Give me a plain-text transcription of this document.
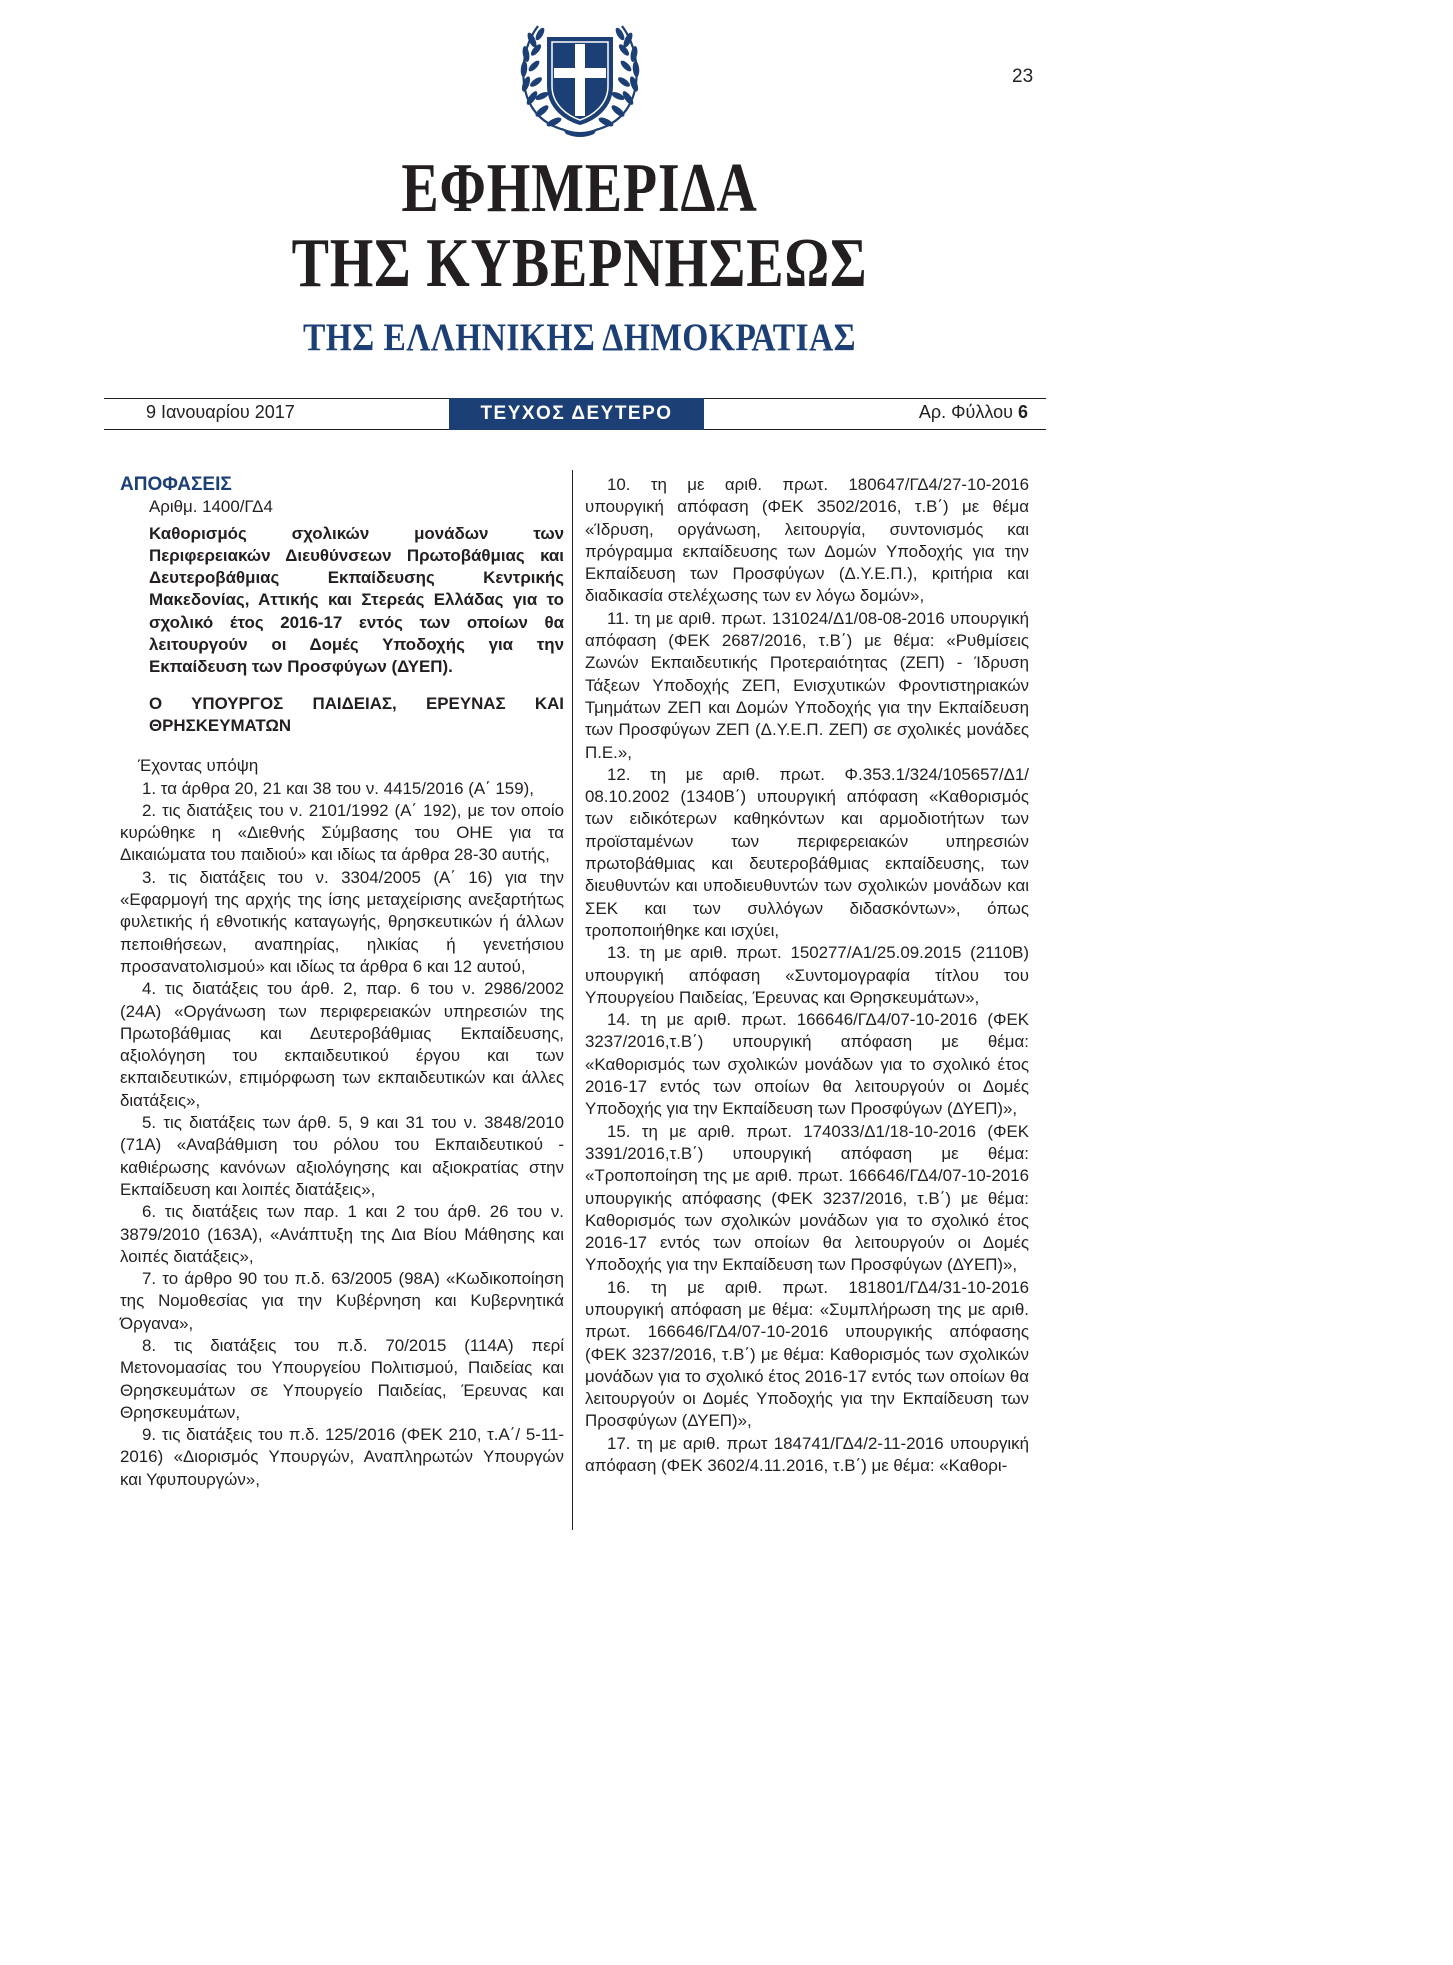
23
ΕΦΗΜΕΡΙΔΑ
ΤΗΣ ΚΥΒΕΡΝΗΣΕΩΣ
ΤΗΣ ΕΛΛΗΝΙΚΗΣ ΔΗΜΟΚΡΑΤΙΑΣ
9 Ιανουαρίου 2017	ΤΕΥΧΟΣ ΔΕΥΤΕΡΟ	Αρ. Φύλλου 6

ΑΠΟΦΑΣΕΙΣ

Αριθμ. 1400/ΓΔ4

Καθορισμός σχολικών μονάδων των Περιφερειακών Διευθύνσεων Πρωτοβάθμιας και Δευτεροβάθμιας Εκπαίδευσης Κεντρικής Μακεδονίας, Αττικής και Στερεάς Ελλάδας για το σχολικό έτος 2016-17 εντός των οποίων θα λειτουργούν οι Δομές Υποδοχής για την Εκπαίδευση των Προσφύγων (ΔΥΕΠ).

Ο ΥΠΟΥΡΓΟΣ ΠΑΙΔΕΙΑΣ, ΕΡΕΥΝΑΣ ΚΑΙ ΘΡΗΣΚΕΥΜΑΤΩΝ

Έχοντας υπόψη

1. τα άρθρα 20, 21 και 38 του ν. 4415/2016 (Α΄ 159),

2. τις διατάξεις του ν. 2101/1992 (Α΄ 192), με τον οποίο κυρώθηκε η «Διεθνής Σύμβασης του ΟΗΕ για τα Δικαιώματα του παιδιού» και ιδίως τα άρθρα 28-30 αυτής,

3. τις διατάξεις του ν. 3304/2005 (Α΄ 16) για την «Εφαρμογή της αρχής της ίσης μεταχείρισης ανεξαρτήτως φυλετικής ή εθνοτικής καταγωγής, θρησκευτικών ή άλλων πεποιθήσεων, αναπηρίας, ηλικίας ή γενετήσιου προσανατολισμού» και ιδίως τα άρθρα 6 και 12 αυτού,

4. τις διατάξεις του άρθ. 2, παρ. 6 του ν. 2986/2002 (24Α) «Οργάνωση των περιφερειακών υπηρεσιών της Πρωτοβάθμιας και Δευτεροβάθμιας Εκπαίδευσης, αξιολόγηση του εκπαιδευτικού έργου και των εκπαιδευτικών, επιμόρφωση των εκπαιδευτικών και άλλες διατάξεις»,

5. τις διατάξεις των άρθ. 5, 9 και 31 του ν. 3848/2010 (71Α) «Αναβάθμιση του ρόλου του Εκπαιδευτικού - καθιέρωσης κανόνων αξιολόγησης και αξιοκρατίας στην Εκπαίδευση και λοιπές διατάξεις»,

6. τις διατάξεις των παρ. 1 και 2 του άρθ. 26 του ν. 3879/2010 (163Α), «Ανάπτυξη της Δια Βίου Μάθησης και λοιπές διατάξεις»,

7. το άρθρο 90 του π.δ. 63/2005 (98Α) «Κωδικοποίηση της Νομοθεσίας για την Κυβέρνηση και Κυβερνητικά Όργανα»,

8. τις διατάξεις του π.δ. 70/2015 (114Α) περί Μετονομασίας του Υπουργείου Πολιτισμού, Παιδείας και Θρησκευμάτων σε Υπουργείο Παιδείας, Έρευνας και Θρησκευμάτων,

9. τις διατάξεις του π.δ. 125/2016 (ΦΕΚ 210, τ.Α΄/ 5-11-2016) «Διορισμός Υπουργών, Αναπληρωτών Υπουργών και Υφυπουργών»,

10. τη με αριθ. πρωτ. 180647/ΓΔ4/27-10-2016 υπουργική απόφαση (ΦΕΚ 3502/2016, τ.Β΄) με θέμα «Ίδρυση, οργάνωση, λειτουργία, συντονισμός και πρόγραμμα εκπαίδευσης των Δομών Υποδοχής για την Εκπαίδευση των Προσφύγων (Δ.Υ.Ε.Π.), κριτήρια και διαδικασία στελέχωσης των εν λόγω δομών»,

11. τη με αριθ. πρωτ. 131024/Δ1/08-08-2016 υπουργική απόφαση (ΦΕΚ 2687/2016, τ.Β΄) με θέμα: «Ρυθμίσεις Ζωνών Εκπαιδευτικής Προτεραιότητας (ΖΕΠ) - Ίδρυση Τάξεων Υποδοχής ΖΕΠ, Ενισχυτικών Φροντιστηριακών Τμημάτων ΖΕΠ και Δομών Υποδοχής για την Εκπαίδευση των Προσφύγων ΖΕΠ (Δ.Υ.Ε.Π. ΖΕΠ) σε σχολικές μονάδες Π.Ε.»,

12. τη με αριθ. πρωτ. Φ.353.1/324/105657/Δ1/ 08.10.2002 (1340Β΄) υπουργική απόφαση «Καθορισμός των ειδικότερων καθηκόντων και αρμοδιοτήτων των προϊσταμένων των περιφερειακών υπηρεσιών πρωτοβάθμιας και δευτεροβάθμιας εκπαίδευσης, των διευθυντών και υποδιευθυντών των σχολικών μονάδων και ΣΕΚ και των συλλόγων διδασκόντων», όπως τροποποιήθηκε και ισχύει,

13. τη με αριθ. πρωτ. 150277/Α1/25.09.2015 (2110Β) υπουργική απόφαση «Συντομογραφία τίτλου του Υπουργείου Παιδείας, Έρευνας και Θρησκευμάτων»,

14. τη με αριθ. πρωτ. 166646/ΓΔ4/07-10-2016 (ΦΕΚ 3237/2016,τ.Β΄) υπουργική απόφαση με θέμα: «Καθορισμός των σχολικών μονάδων για το σχολικό έτος 2016-17 εντός των οποίων θα λειτουργούν οι Δομές Υποδοχής για την Εκπαίδευση των Προσφύγων (ΔΥΕΠ)»,

15. τη με αριθ. πρωτ. 174033/Δ1/18-10-2016 (ΦΕΚ 3391/2016,τ.Β΄) υπουργική απόφαση με θέμα: «Τροποποίηση της με αριθ. πρωτ. 166646/ΓΔ4/07-10-2016 υπουργικής απόφασης (ΦΕΚ 3237/2016, τ.Β΄) με θέμα: Καθορισμός των σχολικών μονάδων για το σχολικό έτος 2016-17 εντός των οποίων θα λειτουργούν οι Δομές Υποδοχής για την Εκπαίδευση των Προσφύγων (ΔΥΕΠ)»,

16. τη με αριθ. πρωτ. 181801/ΓΔ4/31-10-2016 υπουργική απόφαση με θέμα: «Συμπλήρωση της με αριθ. πρωτ. 166646/ΓΔ4/07-10-2016 υπουργικής απόφασης (ΦΕΚ 3237/2016, τ.Β΄) με θέμα: Καθορισμός των σχολικών μονάδων για το σχολικό έτος 2016-17 εντός των οποίων θα λειτουργούν οι Δομές Υποδοχής για την Εκπαίδευση των Προσφύγων (ΔΥΕΠ)»,

17. τη με αριθ. πρωτ 184741/ΓΔ4/2-11-2016 υπουργική απόφαση (ΦΕΚ 3602/4.11.2016, τ.Β΄) με θέμα: «Καθορι-
